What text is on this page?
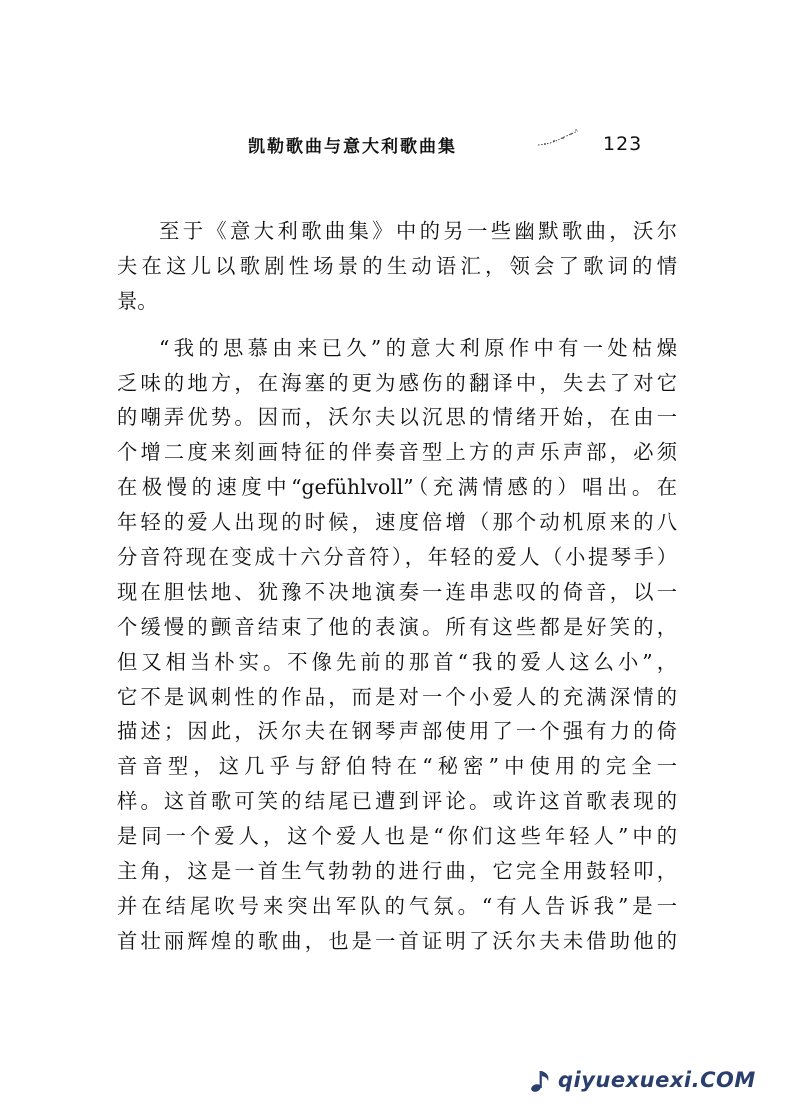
凯勒歌曲与意大利歌曲集	123
至于《意大利歌曲集》中的另一些幽默歌曲，沃尔
夫在这儿以歌剧性场景的生动语汇，领会了歌词的情
景。
“我的思慕由来已久”的意大利原作中有一处枯燥
乏味的地方，在海塞的更为感伤的翻译中，失去了对它
的嘲弄优势。因而，沃尔夫以沉思的情绪开始，在由一
个增二度来刻画特征的伴奏音型上方的声乐声部，必须
在极慢的速度中“gefühlvoll”（充满情感的）唱出。在
年轻的爱人出现的时候，速度倍增（那个动机原来的八
分音符现在变成十六分音符），年轻的爱人（小提琴手）
现在胆怯地、犹豫不决地演奏一连串悲叹的倚音，以一
个缓慢的颤音结束了他的表演。所有这些都是好笑的，
但又相当朴实。不像先前的那首“我的爱人这么小”，
它不是讽刺性的作品，而是对一个小爱人的充满深情的
描述；因此，沃尔夫在钢琴声部使用了一个强有力的倚
音音型，这几乎与舒伯特在“秘密”中使用的完全一
样。这首歌可笑的结尾已遭到评论。或许这首歌表现的
是同一个爱人，这个爱人也是“你们这些年轻人”中的
主角，这是一首生气勃勃的进行曲，它完全用鼓轻叩，
并在结尾吹号来突出军队的气氛。“有人告诉我”是一
首壮丽辉煌的歌曲，也是一首证明了沃尔夫未借助他的
qiyuexuexi.COM
